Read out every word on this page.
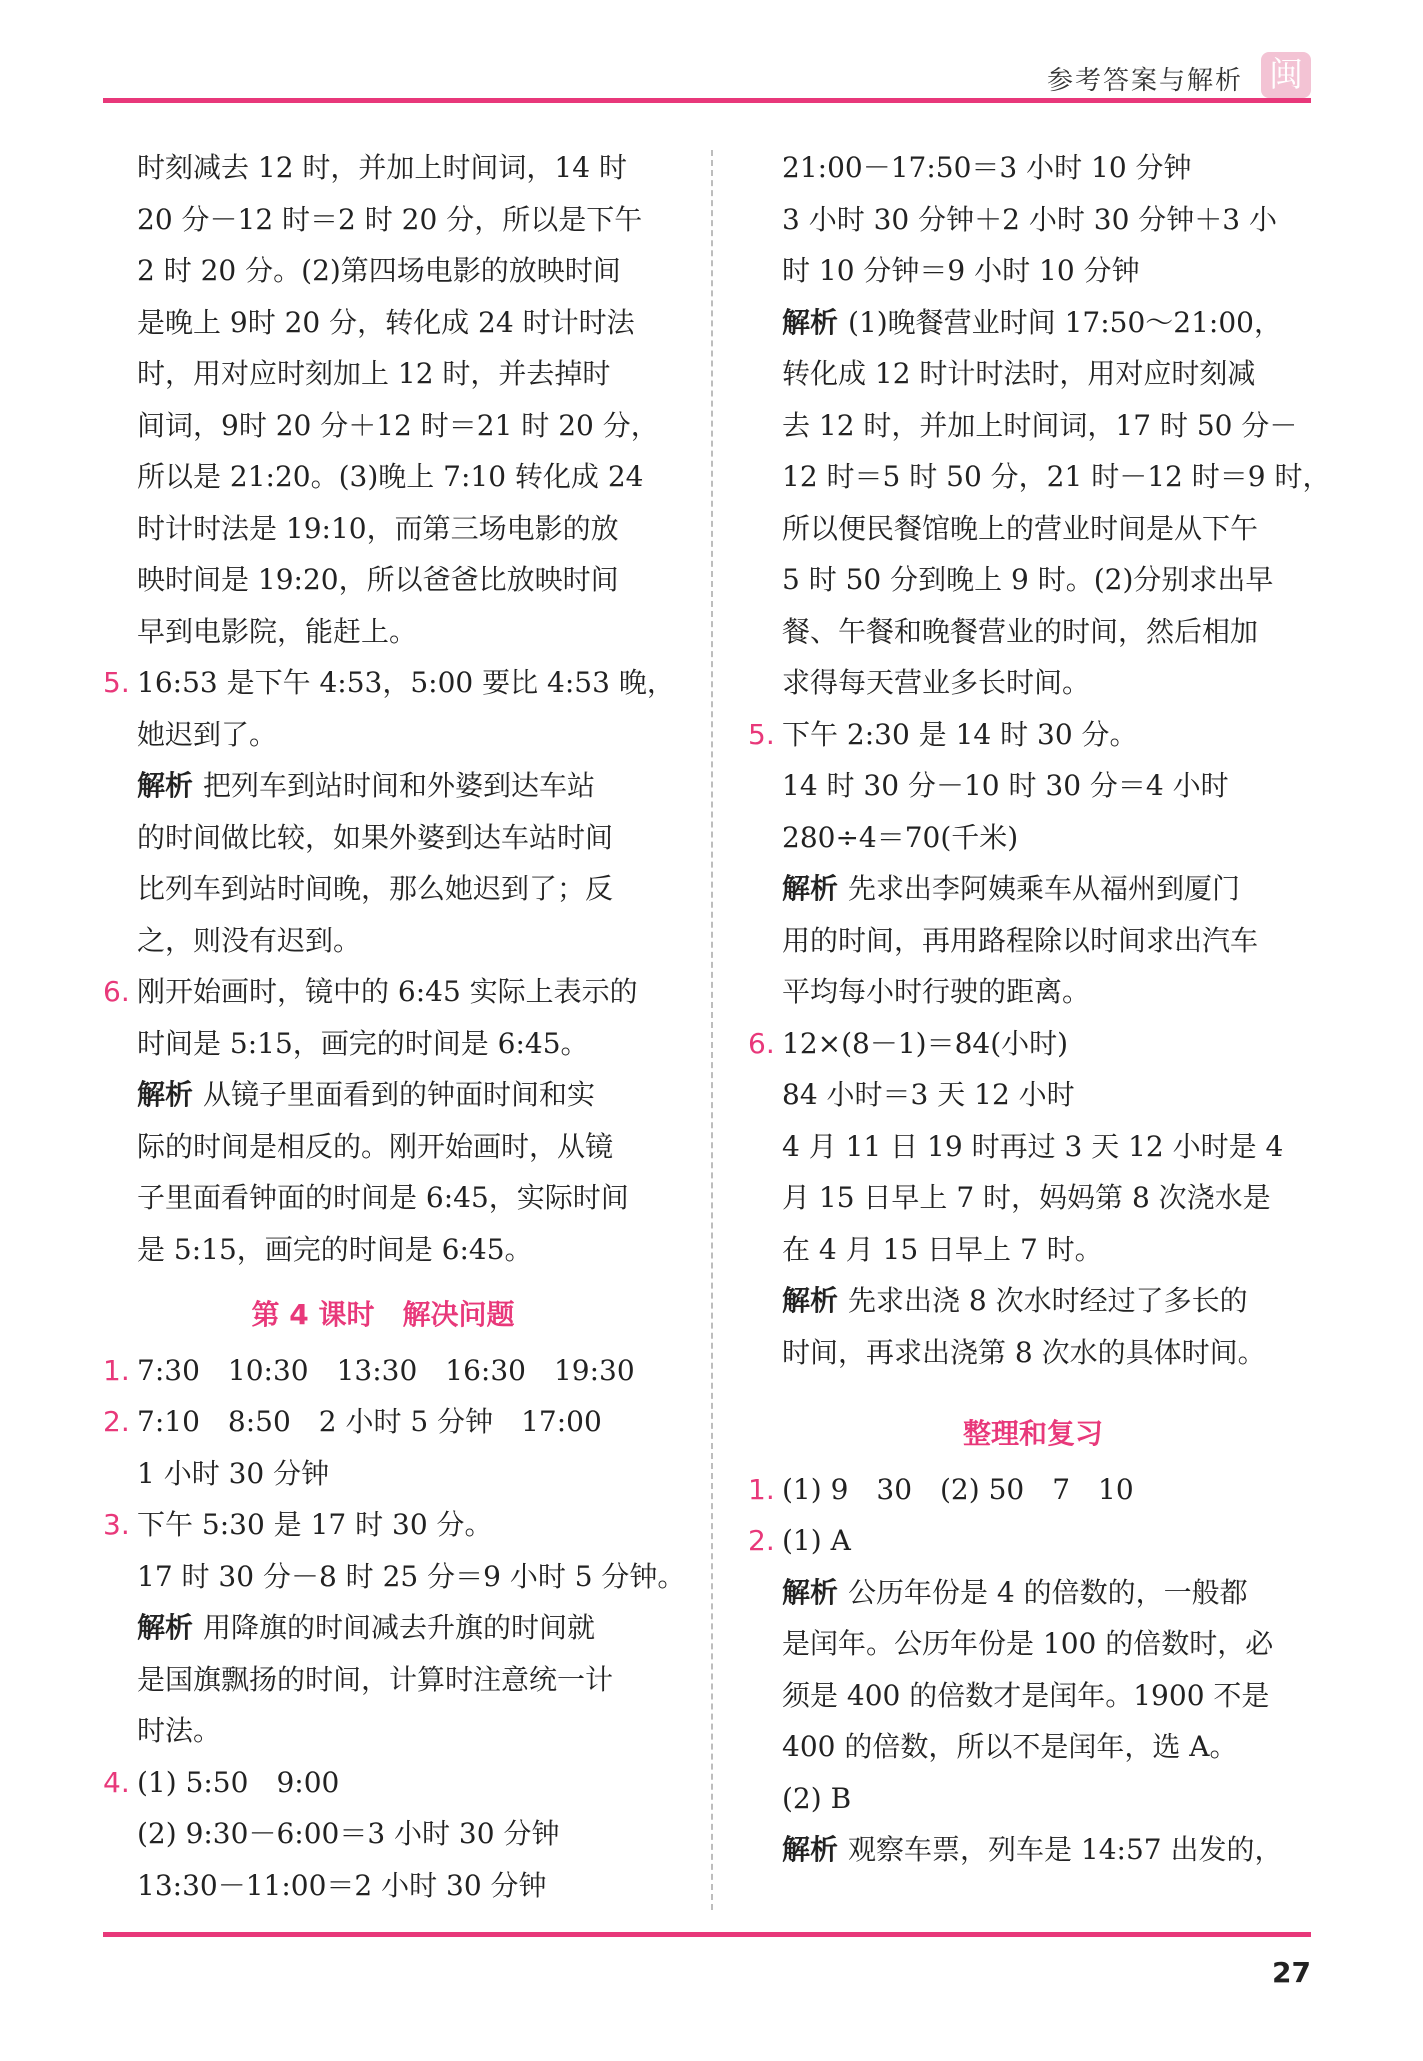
参考答案与解析 闽
时刻减去 12 时，并加上时间词，14 时
20 分－12 时＝2 时 20 分，所以是下午
2 时 20 分。(2)第四场电影的放映时间
是晚上 9时 20 分，转化成 24 时计时法
时，用对应时刻加上 12 时，并去掉时
间词，9时 20 分＋12 时＝21 时 20 分，
所以是 21:20。(3)晚上 7:10 转化成 24
时计时法是 19:10，而第三场电影的放
映时间是 19:20，所以爸爸比放映时间
早到电影院，能赶上。
5. 16:53 是下午 4:53，5:00 要比 4:53 晚，
她迟到了。
解析 把列车到站时间和外婆到达车站
的时间做比较，如果外婆到达车站时间
比列车到站时间晚，那么她迟到了；反
之，则没有迟到。
6. 刚开始画时，镜中的 6:45 实际上表示的
时间是 5:15，画完的时间是 6:45。
解析 从镜子里面看到的钟面时间和实
际的时间是相反的。刚开始画时，从镜
子里面看钟面的时间是 6:45，实际时间
是 5:15，画完的时间是 6:45。
第 4 课时　解决问题
1. 7:30　10:30　13:30　16:30　19:30
2. 7:10　8:50　2 小时 5 分钟　17:00
1 小时 30 分钟
3. 下午 5:30 是 17 时 30 分。
17 时 30 分－8 时 25 分＝9 小时 5 分钟。
解析 用降旗的时间减去升旗的时间就
是国旗飘扬的时间，计算时注意统一计
时法。
4. (1) 5:50　9:00
(2) 9:30－6:00＝3 小时 30 分钟
13:30－11:00＝2 小时 30 分钟
21:00－17:50＝3 小时 10 分钟
3 小时 30 分钟＋2 小时 30 分钟＋3 小
时 10 分钟＝9 小时 10 分钟
解析 (1)晚餐营业时间 17:50～21:00，
转化成 12 时计时法时，用对应时刻减
去 12 时，并加上时间词，17 时 50 分－
12 时＝5 时 50 分，21 时－12 时＝9 时，
所以便民餐馆晚上的营业时间是从下午
5 时 50 分到晚上 9 时。(2)分别求出早
餐、午餐和晚餐营业的时间，然后相加
求得每天营业多长时间。
5. 下午 2:30 是 14 时 30 分。
14 时 30 分－10 时 30 分＝4 小时
280÷4＝70(千米)
解析 先求出李阿姨乘车从福州到厦门
用的时间，再用路程除以时间求出汽车
平均每小时行驶的距离。
6. 12×(8－1)＝84(小时)
84 小时＝3 天 12 小时
4 月 11 日 19 时再过 3 天 12 小时是 4
月 15 日早上 7 时，妈妈第 8 次浇水是
在 4 月 15 日早上 7 时。
解析 先求出浇 8 次水时经过了多长的
时间，再求出浇第 8 次水的具体时间。
整理和复习
1. (1) 9　30　(2) 50　7　10
2. (1) A
解析 公历年份是 4 的倍数的，一般都
是闰年。公历年份是 100 的倍数时，必
须是 400 的倍数才是闰年。1900 不是
400 的倍数，所以不是闰年，选 A。
(2) B
解析 观察车票，列车是 14:57 出发的，
27
